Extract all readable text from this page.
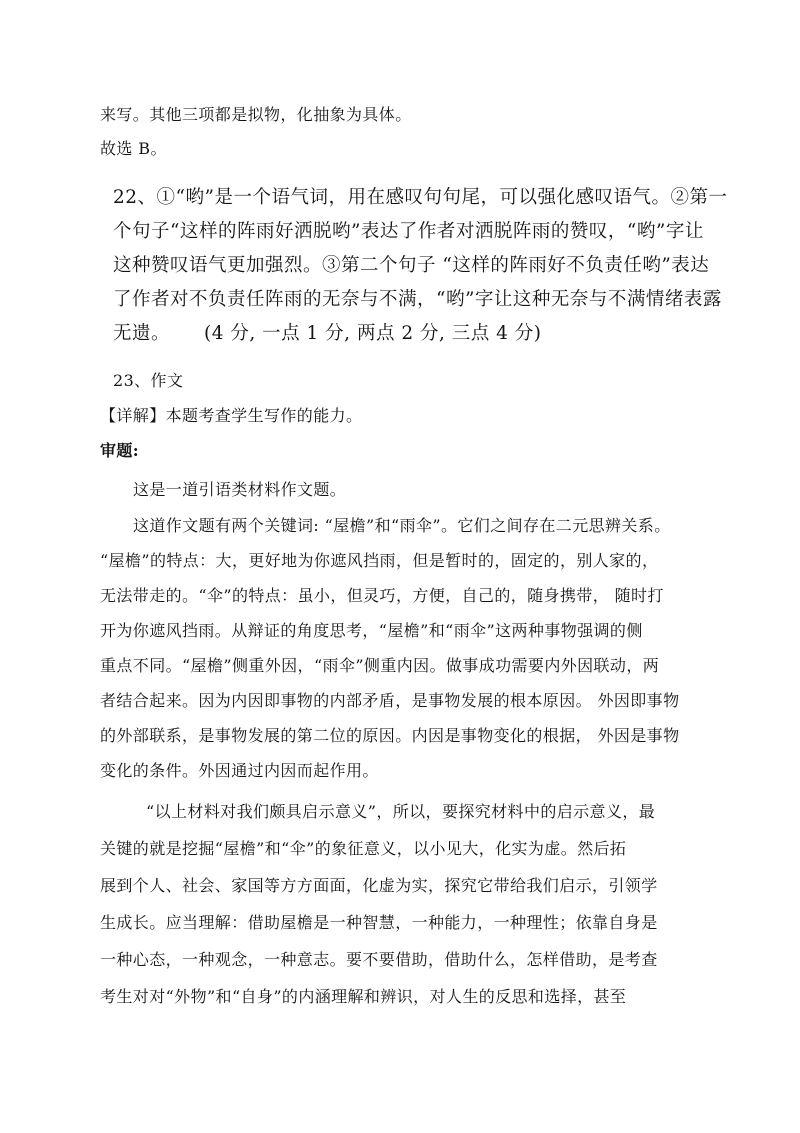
来写。其他三项都是拟物，化抽象为具体。

故选 B。

22、①“哟”是一个语气词，用在感叹句句尾，可以强化感叹语气。②第一

个句子“这样的阵雨好洒脱哟”表达了作者对洒脱阵雨的赞叹，“哟”字让

这种赞叹语气更加强烈。③第二个句子 “这样的阵雨好不负责任哟”表达

了作者对不负责任阵雨的无奈与不满，“哟”字让这种无奈与不满情绪表露

无遗。 (4 分, 一点 1 分, 两点 2 分, 三点 4 分)

23、作文

【详解】本题考查学生写作的能力。

审题:

这是一道引语类材料作文题。

这道作文题有两个关键词: “屋檐”和“雨伞”。它们之间存在二元思辨关系。

“屋檐”的特点：大，更好地为你遮风挡雨，但是暂时的，固定的，别人家的，

无法带走的。“伞”的特点：虽小，但灵巧，方便，自己的，随身携带， 随时打

开为你遮风挡雨。从辩证的角度思考，“屋檐”和“雨伞”这两种事物强调的侧

重点不同。“屋檐”侧重外因，“雨伞”侧重内因。做事成功需要内外因联动，两

者结合起来。因为内因即事物的内部矛盾，是事物发展的根本原因。 外因即事物

的外部联系，是事物发展的第二位的原因。内因是事物变化的根据， 外因是事物

变化的条件。外因通过内因而起作用。

“以上材料对我们颇具启示意义”，所以，要探究材料中的启示意义，最

关键的就是挖掘“屋檐”和“伞”的象征意义，以小见大，化实为虚。然后拓

展到个人、社会、家国等方方面面，化虚为实，探究它带给我们启示，引领学

生成长。应当理解：借助屋檐是一种智慧，一种能力，一种理性；依靠自身是

一种心态，一种观念，一种意志。要不要借助，借助什么，怎样借助，是考查

考生对对“外物”和“自身”的内涵理解和辨识，对人生的反思和选择，甚至
